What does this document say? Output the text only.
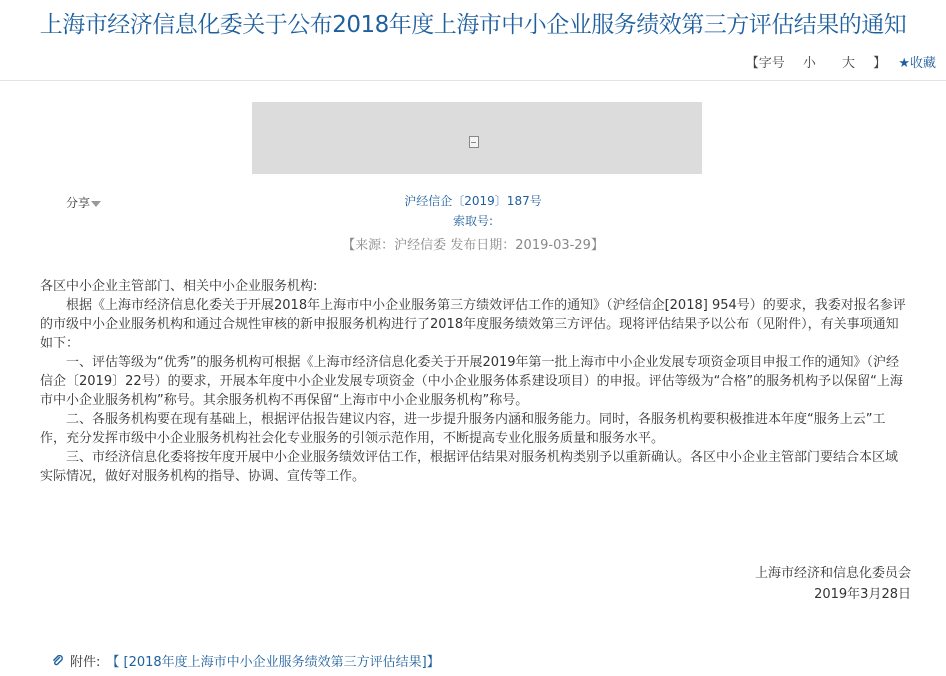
上海市经济信息化委关于公布2018年度上海市中小企业服务绩效第三方评估结果的通知
【字号 小 大 】 ★收藏
分享	沪经信企〔2019〕187号
索取号:
【来源：沪经信委 发布日期：2019-03-29】

各区中小企业主管部门、相关中小企业服务机构:

根据《上海市经济信息化委关于开展2018年上海市中小企业服务第三方绩效评估工作的通知》（沪经信企[2018] 954号）的要求，我委对报名参评的市级中小企业服务机构和通过合规性审核的新申报服务机构进行了2018年度服务绩效第三方评估。现将评估结果予以公布（见附件），有关事项通知如下：

一、评估等级为“优秀”的服务机构可根据《上海市经济信息化委关于开展2019年第一批上海市中小企业发展专项资金项目申报工作的通知》（沪经信企〔2019〕22号）的要求，开展本年度中小企业发展专项资金（中小企业服务体系建设项目）的申报。评估等级为“合格”的服务机构予以保留“上海市中小企业服务机构”称号。其余服务机构不再保留“上海市中小企业服务机构”称号。

二、各服务机构要在现有基础上，根据评估报告建议内容，进一步提升服务内涵和服务能力。同时，各服务机构要积极推进本年度“服务上云”工作，充分发挥市级中小企业服务机构社会化专业服务的引领示范作用，不断提高专业化服务质量和服务水平。

三、市经济信息化委将按年度开展中小企业服务绩效评估工作，根据评估结果对服务机构类别予以重新确认。各区中小企业主管部门要结合本区域实际情况，做好对服务机构的指导、协调、宣传等工作。

上海市经济和信息化委员会
2019年3月28日
附件: 【 [2018年度上海市中小企业服务绩效第三方评估结果]】
